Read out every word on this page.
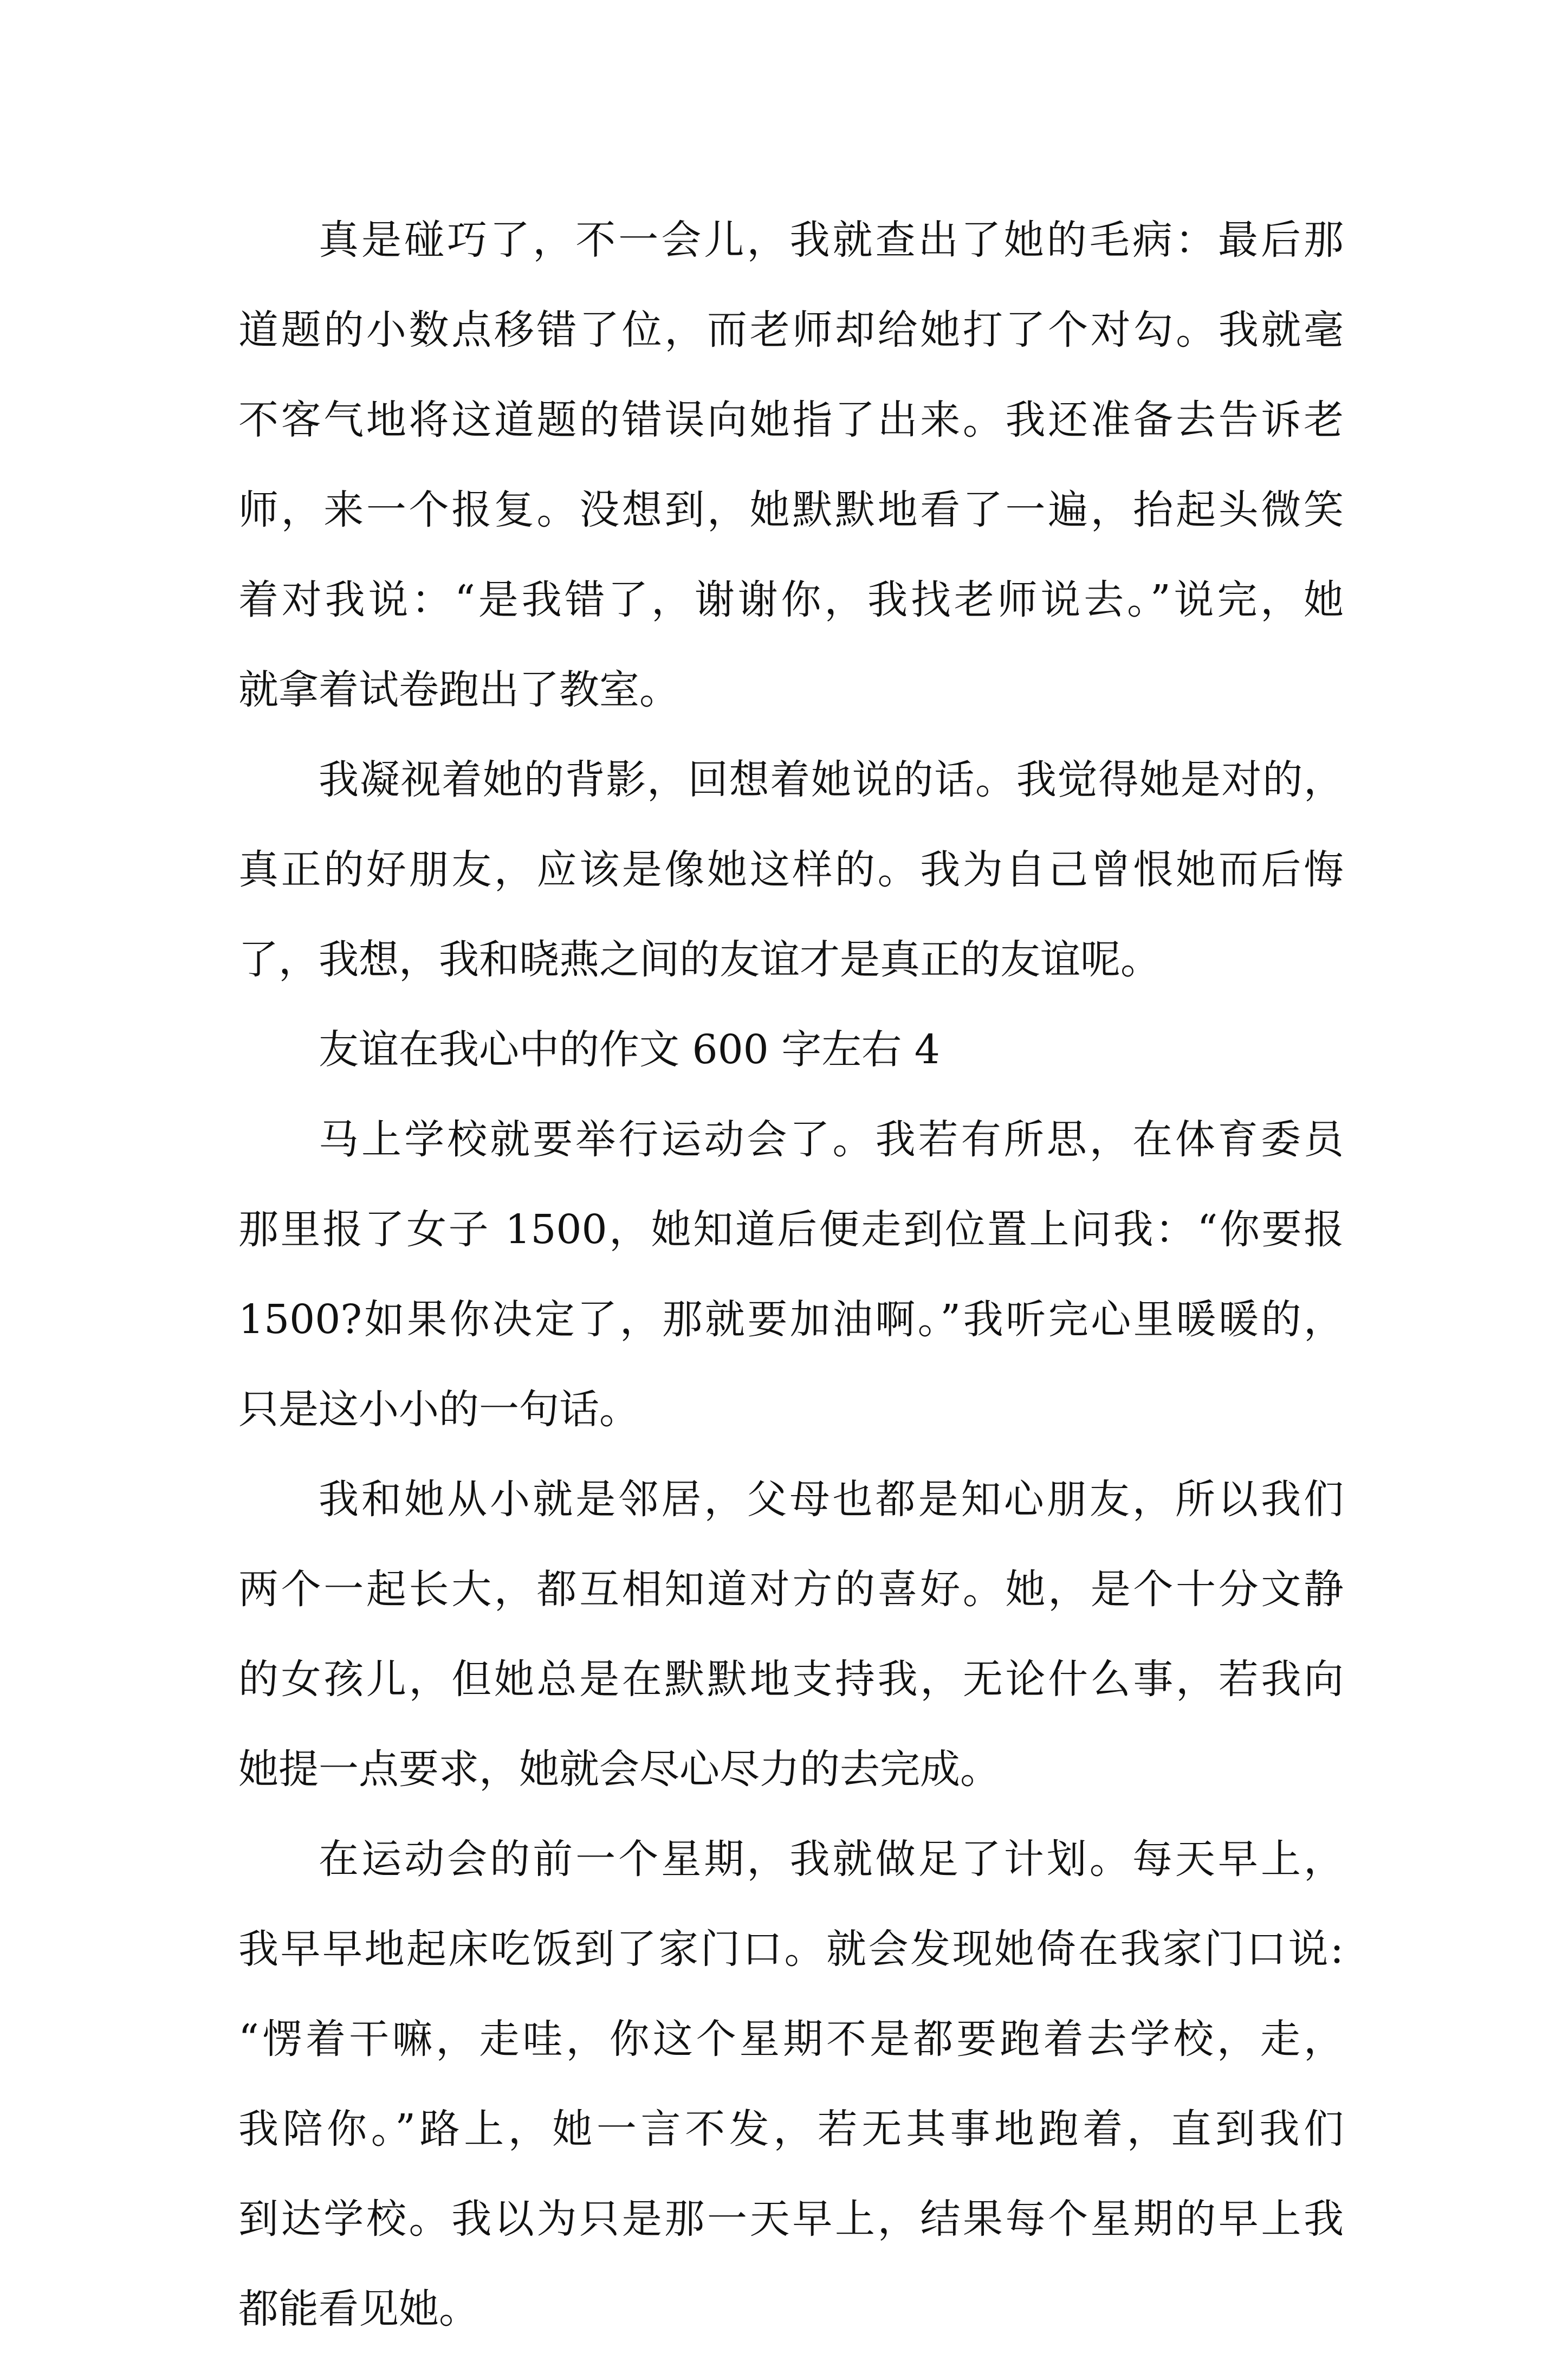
真是碰巧了，不一会儿，我就查出了她的毛病：最后那
道题的小数点移错了位，而老师却给她打了个对勾。我就毫
不客气地将这道题的错误向她指了出来。我还准备去告诉老
师，来一个报复。没想到，她默默地看了一遍，抬起头微笑
着对我说：“是我错了，谢谢你，我找老师说去。”说完，她
就拿着试卷跑出了教室。

我凝视着她的背影，回想着她说的话。我觉得她是对的，
真正的好朋友，应该是像她这样的。我为自己曾恨她而后悔
了，我想，我和晓燕之间的友谊才是真正的友谊呢。

友谊在我心中的作文 600 字左右 4

马上学校就要举行运动会了。我若有所思，在体育委员
那里报了女子 1500，她知道后便走到位置上问我：“你要报
1500?如果你决定了，那就要加油啊。”我听完心里暖暖的，
只是这小小的一句话。

我和她从小就是邻居，父母也都是知心朋友，所以我们
两个一起长大，都互相知道对方的喜好。她，是个十分文静
的女孩儿，但她总是在默默地支持我，无论什么事，若我向
她提一点要求，她就会尽心尽力的去完成。

在运动会的前一个星期，我就做足了计划。每天早上，
我早早地起床吃饭到了家门口。就会发现她倚在我家门口说:
“愣着干嘛，走哇，你这个星期不是都要跑着去学校，走，
我陪你。”路上，她一言不发，若无其事地跑着，直到我们
到达学校。我以为只是那一天早上，结果每个星期的早上我
都能看见她。
